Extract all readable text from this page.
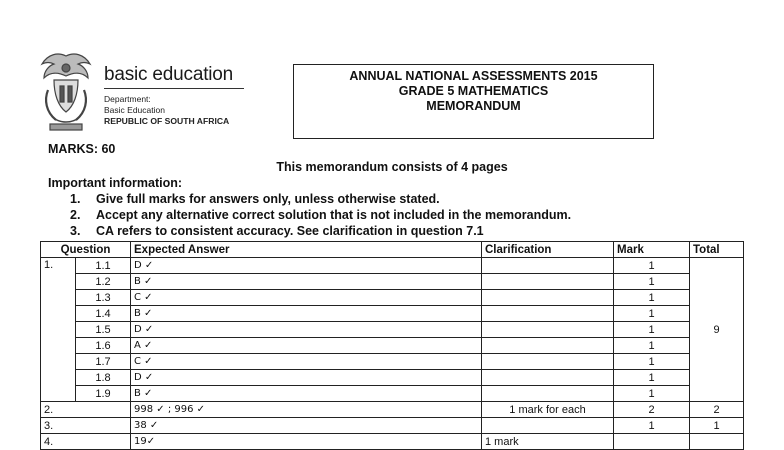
basic education
Department:
Basic Education
REPUBLIC OF SOUTH AFRICA
ANNUAL NATIONAL ASSESSMENTS 2015
GRADE 5 MATHEMATICS
MEMORANDUM
MARKS: 60
This memorandum consists of 4 pages
Important information:
1. Give full marks for answers only, unless otherwise stated.
2. Accept any alternative correct solution that is not included in the memorandum.
3. CA refers to consistent accuracy. See clarification in question 7.1
Question		Expected Answer	Clarification	Mark	Total
1.	1.1	D ✓		1	9
	1.2	B ✓		1	
	1.3	C ✓		1	
	1.4	B ✓		1	
	1.5	D ✓		1	
	1.6	A ✓		1	
	1.7	C ✓		1	
	1.8	D ✓		1	
	1.9	B ✓		1	
2.		998 ✓ ; 996 ✓	1 mark for each	2	2
3.		38 ✓		1	1
4.		19✓	1 mark		
